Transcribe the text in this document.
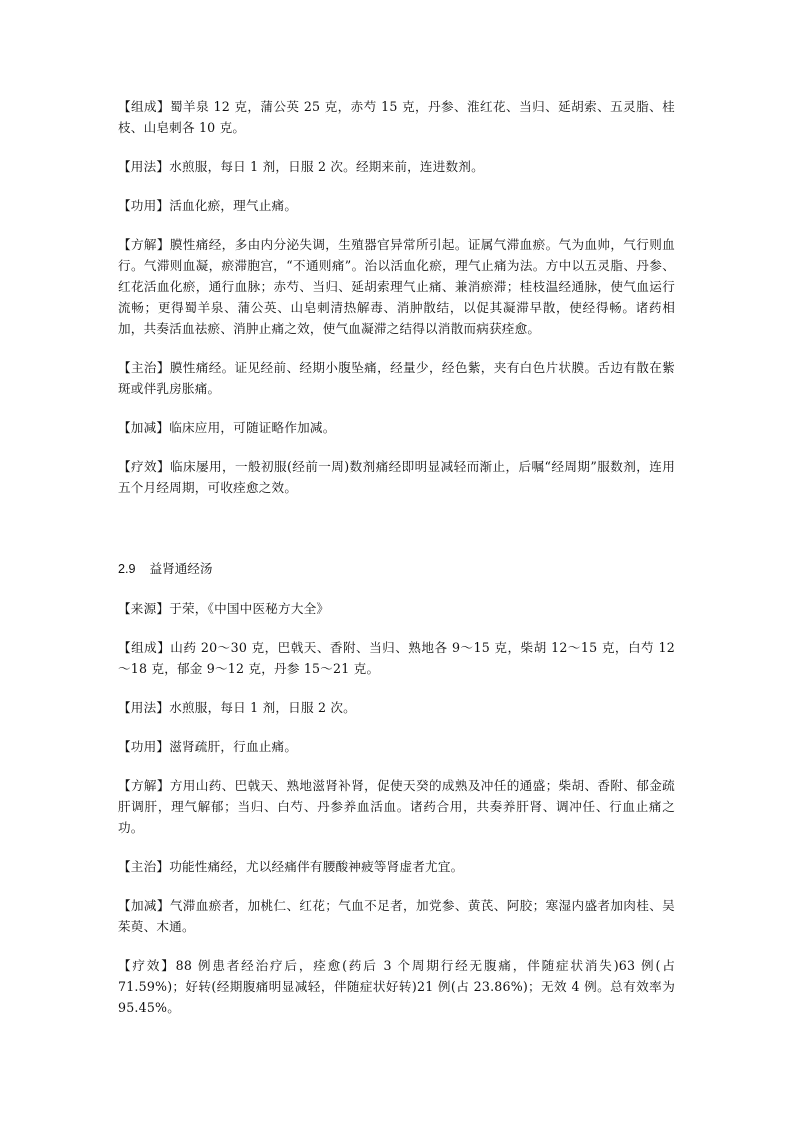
【组成】蜀羊泉 12 克，蒲公英 25 克，赤芍 15 克，丹参、淮红花、当归、延胡索、五灵脂、桂枝、山皂刺各 10 克。

【用法】水煎服，每日 1 剂，日服 2 次。经期来前，连进数剂。

【功用】活血化瘀，理气止痛。

【方解】膜性痛经，多由内分泌失调，生殖器官异常所引起。证属气滞血瘀。气为血帅，气行则血行。气滞则血凝，瘀滞胞宫，“不通则痛”。治以活血化瘀，理气止痛为法。方中以五灵脂、丹参、红花活血化瘀，通行血脉；赤芍、当归、延胡索理气止痛、兼消瘀滞；桂枝温经通脉，使气血运行流畅；更得蜀羊泉、蒲公英、山皂刺清热解毒、消肿散结，以促其凝滞早散，使经得畅。诸药相加，共奏活血祛瘀、消肿止痛之效，使气血凝滞之结得以消散而病获痊愈。

【主治】膜性痛经。证见经前、经期小腹坠痛，经量少，经色紫，夹有白色片状膜。舌边有散在紫斑或伴乳房胀痛。

【加减】临床应用，可随证略作加减。

【疗效】临床屡用，一般初服(经前一周)数剂痛经即明显减轻而渐止，后嘱“经周期”服数剂，连用五个月经周期，可收痊愈之效。

2.9 益肾通经汤

【来源】于荣，《中国中医秘方大全》

【组成】山药 20～30 克，巴戟天、香附、当归、熟地各 9～15 克，柴胡 12～15 克，白芍 12～18 克，郁金 9～12 克，丹参 15～21 克。

【用法】水煎服，每日 1 剂，日服 2 次。

【功用】滋肾疏肝，行血止痛。

【方解】方用山药、巴戟天、熟地滋肾补肾，促使天癸的成熟及冲任的通盛；柴胡、香附、郁金疏肝调肝，理气解郁；当归、白芍、丹参养血活血。诸药合用，共奏养肝肾、调冲任、行血止痛之功。

【主治】功能性痛经，尤以经痛伴有腰酸神疲等肾虚者尤宜。

【加减】气滞血瘀者，加桃仁、红花；气血不足者，加党参、黄芪、阿胶；寒湿内盛者加肉桂、吴茱萸、木通。

【疗效】88 例患者经治疗后，痊愈(药后 3 个周期行经无腹痛，伴随症状消失)63 例(占 71.59%)；好转(经期腹痛明显减轻，伴随症状好转)21 例(占 23.86%)；无效 4 例。总有效率为 95.45%。
